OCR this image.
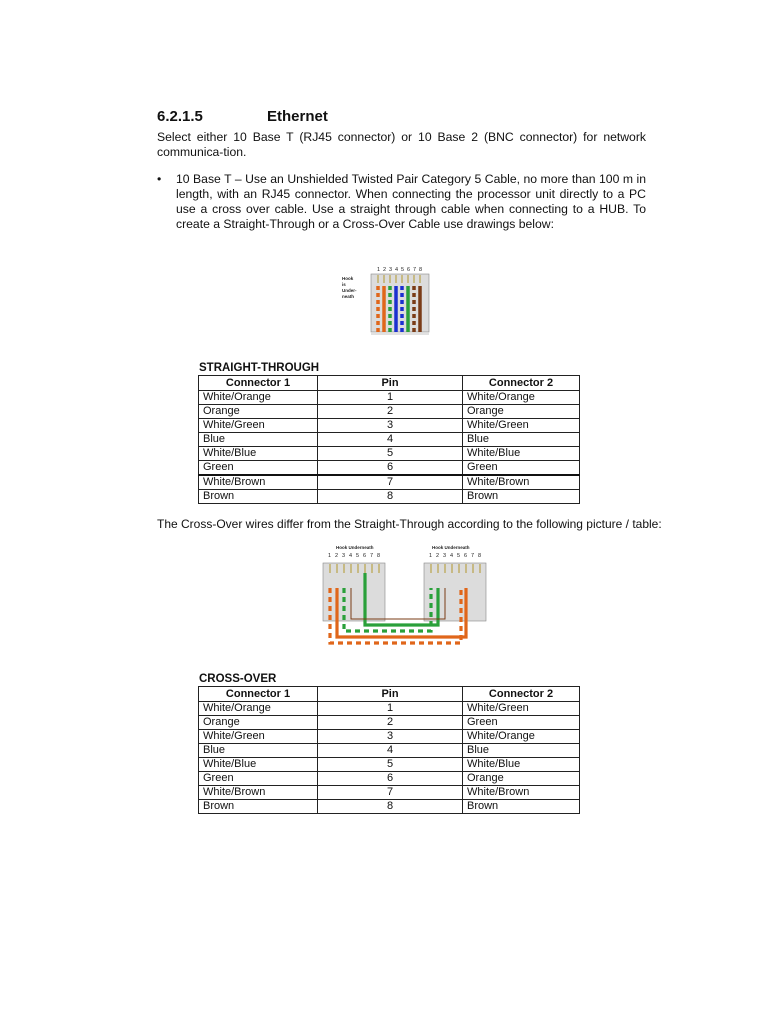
6.2.1.5	Ethernet
Select either 10 Base T (RJ45 connector) or 10 Base 2 (BNC connector) for network communica-tion.
• 10 Base T – Use an Unshielded Twisted Pair Category 5 Cable, no more than 100 m in length, with an RJ45 connector. When connecting the processor unit directly to a PC use a cross over cable. Use a straight through cable when connecting to a HUB. To create a Straight-Through or a Cross-Over Cable use drawings below:
1 2 3 4 5 6 7 8
Hook
is
Under-
neath
STRAIGHT-THROUGH
Connector 1	Pin	Connector 2
White/Orange	1	White/Orange
Orange	2	Orange
White/Green	3	White/Green
Blue	4	Blue
White/Blue	5	White/Blue
Green	6	Green
White/Brown	7	White/Brown
Brown	8	Brown
The Cross-Over wires differ from the Straight-Through according to the following picture / table:
Hook Underneath	Hook Underneath
1 2 3 4 5 6 7 8	1 2 3 4 5 6 7 8
CROSS-OVER
Connector 1	Pin	Connector 2
White/Orange	1	White/Green
Orange	2	Green
White/Green	3	White/Orange
Blue	4	Blue
White/Blue	5	White/Blue
Green	6	Orange
White/Brown	7	White/Brown
Brown	8	Brown
